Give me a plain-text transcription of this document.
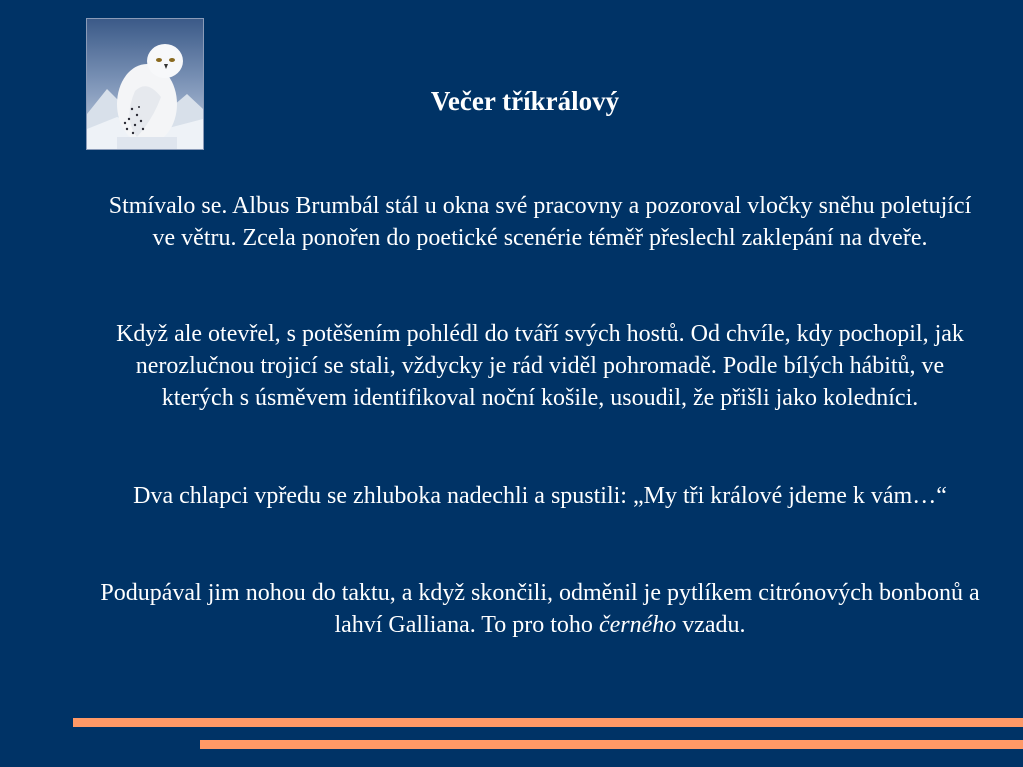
Večer tříkrálový

Stmívalo se. Albus Brumbál stál u okna své pracovny a pozoroval vločky sněhu poletující ve větru. Zcela ponořen do poetické scenérie téměř přeslechl zaklepání na dveře.

Když ale otevřel, s potěšením pohlédl do tváří svých hostů. Od chvíle, kdy pochopil, jak nerozlučnou trojicí se stali, vždycky je rád viděl pohromadě. Podle bílých hábitů, ve kterých s úsměvem identifikoval noční košile, usoudil, že přišli jako koledníci.

Dva chlapci vpředu se zhluboka nadechli a spustili: „My tři králové jdeme k vám…“

Podupával jim nohou do taktu, a když skončili, odměnil je pytlíkem citrónových bonbonů a lahví Galliana. To pro toho černého vzadu.
